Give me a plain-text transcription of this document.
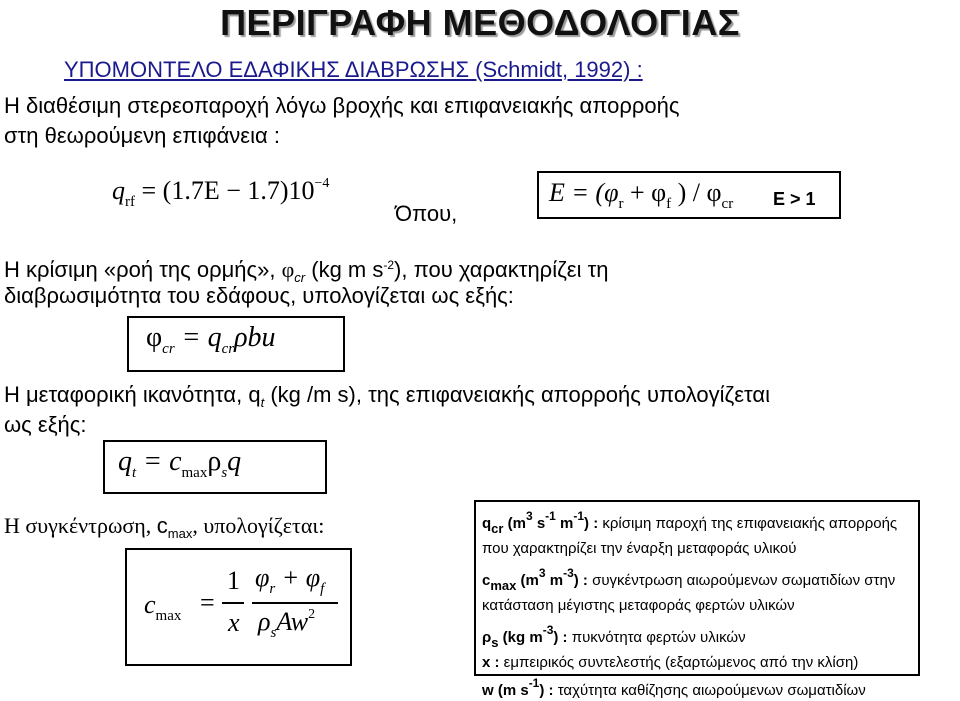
ΠΕΡΙΓΡΑΦΗ ΜΕΘΟΔΟΛΟΓΙΑΣ
ΥΠΟΜΟΝΤΕΛΟ ΕΔΑΦΙΚΗΣ ΔΙΑΒΡΩΣΗΣ (Schmidt, 1992) :
Η διαθέσιμη στερεοπαροχή λόγω βροχής και επιφανειακής απορροής
στη θεωρούμενη επιφάνεια :
$q_{rf} = (1.7E - 1.7)10^{-4}$
Όπου,
$E = (\varphi_r + \varphi_f$ ) / $\varphi_{cr}$ E > 1
Η κρίσιμη «ροή της ορμής», $\varphi_{cr}$ (kg m $s^{-2}$), που χαρακτηρίζει τη
διαβρωσιμότητα του εδάφους, υπολογίζεται ως εξής:
$\varphi_{cr} = q_{cr}\rho bu$
Η μεταφορική ικανότητα, $q_t$ (kg /m s), της επιφανειακής απορροής υπολογίζεται
ως εξής:
$q_t = c_{max}\rho_sq$
Η συγκέντρωση, $c_{max}$, υπολογίζεται:
$c_{max}$ =
1
x
$\varphi_r + \varphi_f$
$\rho_sAw^2$

qcr ($m^3$ $s^{-1}$ $m^{-1}$) : κρίσιμη παροχή της επιφανειακής απορροής που χαρακτηρίζει την έναρξη μεταφοράς υλικού

cmax ($m^3$ $m^{-3}$) : συγκέντρωση αιωρούμενων σωματιδίων στην κατάσταση μέγιστης μεταφοράς φερτών υλικών

ρs (kg $m^{-3}$) : πυκνότητα φερτών υλικών

x : εμπειρικός συντελεστής (εξαρτώμενος από την κλίση)

w (m $s^{-1}$) : ταχύτητα καθίζησης αιωρούμενων σωματιδίων
